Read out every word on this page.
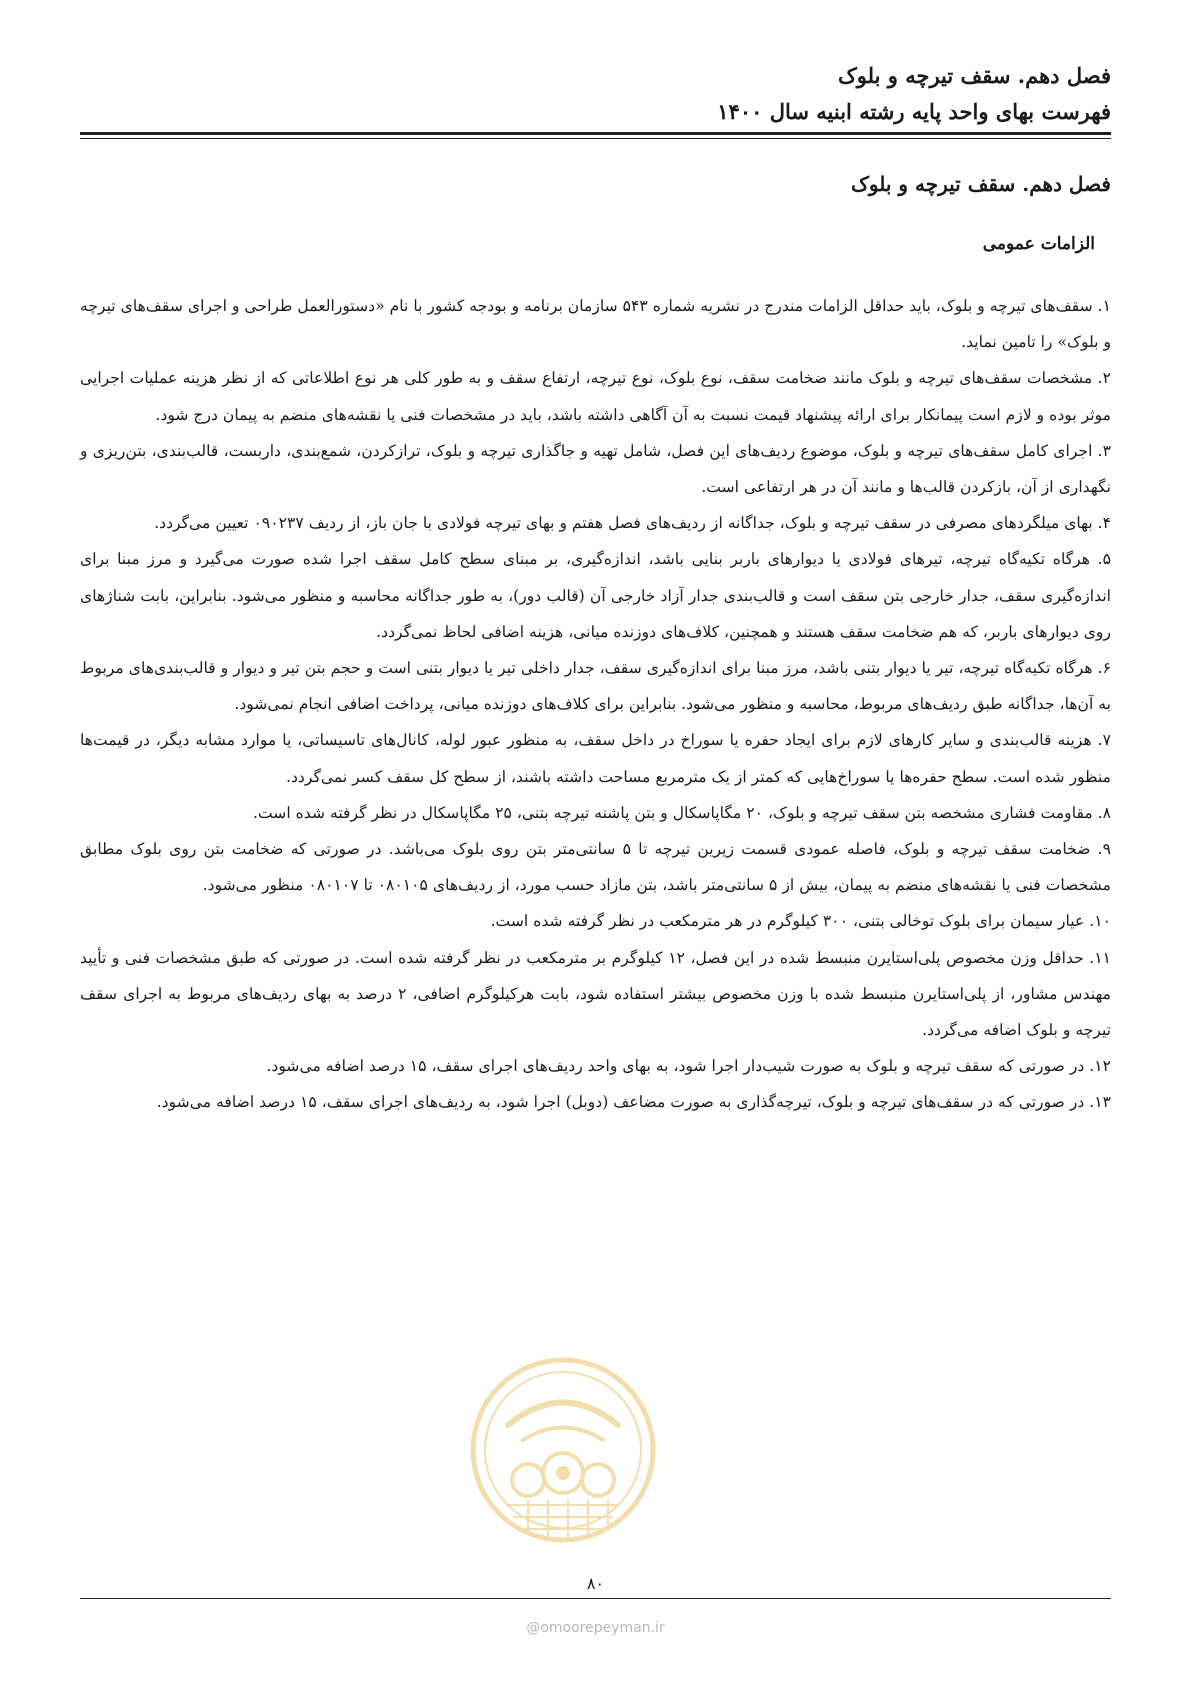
فصل دهم. سقف تیرچه و بلوک
فهرست بهای واحد پایه رشته ابنیه سال ۱۴۰۰
فصل دهم. سقف تیرچه و بلوک
الزامات عمومی

۱. سقف‌های تیرچه و بلوک، باید حداقل الزامات مندرج در نشریه شماره ۵۴۳ سازمان برنامه و بودجه کشور با نام «دستورالعمل طراحی و اجرای سقف‌های تیرچه و بلوک» را تامین نماید.

۲. مشخصات سقف‌های تیرچه و بلوک مانند ضخامت سقف، نوع بلوک، نوع تیرچه، ارتفاع سقف و به طور کلی هر نوع اطلاعاتی که از نظر هزینه عملیات اجرایی موثر بوده و لازم است پیمانکار برای ارائه پیشنهاد قیمت نسبت به آن آگاهی داشته باشد، باید در مشخصات فنی یا نقشه‌های منضم به پیمان درج شود.

۳. اجرای کامل سقف‌های تیرچه و بلوک، موضوع ردیف‌های این فصل، شامل تهیه و جاگذاری تیرچه و بلوک، ترازکردن، شمع‌بندی، داربست، قالب‌بندی، بتن‌ریزی و نگهداری از آن، بازکردن قالب‌ها و مانند آن در هر ارتفاعی است.

۴. بهای میلگردهای مصرفی در سقف تیرچه و بلوک، جداگانه از ردیف‌های فصل هفتم و بهای تیرچه فولادی با جان باز، از ردیف ۰۹۰۲۳۷ تعیین می‌گردد.

۵. هرگاه تکیه‌گاه تیرچه، تیرهای فولادی یا دیوارهای باربر بنایی باشد، اندازه‌گیری، بر مبنای سطح کامل سقف اجرا شده صورت می‌گیرد و مرز مبنا برای اندازه‌گیری سقف، جدار خارجی بتن سقف است و قالب‌بندی جدار آزاد خارجی آن (قالب دور)، به طور جداگانه محاسبه و منظور می‌شود. بنابراین، بابت شناژهای روی دیوارهای باربر، که هم ضخامت سقف هستند و همچنین، کلاف‌های دوزنده میانی، هزینه اضافی لحاظ نمی‌گردد.

۶. هرگاه تکیه‌گاه تیرچه، تیر یا دیوار بتنی باشد، مرز مبنا برای اندازه‌گیری سقف، جدار داخلی تیر یا دیوار بتنی است و حجم بتن تیر و دیوار و قالب‌بندی‌های مربوط به آن‌ها، جداگانه طبق ردیف‌های مربوط، محاسبه و منظور می‌شود. بنابراین برای کلاف‌های دوزنده میانی، پرداخت اضافی انجام نمی‌شود.

۷. هزینه قالب‌بندی و سایر کارهای لازم برای ایجاد حفره یا سوراخ در داخل سقف، به منظور عبور لوله، کانال‌های تاسیساتی، یا موارد مشابه دیگر، در قیمت‌ها منظور شده است. سطح حفره‌ها یا سوراخ‌هایی که کمتر از یک مترمربع مساحت داشته باشند، از سطح کل سقف کسر نمی‌گردد.

۸. مقاومت فشاری مشخصه بتن سقف تیرچه و بلوک، ۲۰ مگاپاسکال و بتن پاشنه تیرچه بتنی، ۲۵ مگاپاسکال در نظر گرفته شده است.

۹. ضخامت سقف تیرچه و بلوک، فاصله عمودی قسمت زیرین تیرچه تا ۵ سانتی‌متر بتن روی بلوک می‌باشد. در صورتی که ضخامت بتن روی بلوک مطابق مشخصات فنی یا نقشه‌های منضم به پیمان، بیش از ۵ سانتی‌متر باشد، بتن مازاد حسب مورد، از ردیف‌های ۰۸۰۱۰۵ تا ۰۸۰۱۰۷ منظور می‌شود.

۱۰. عیار سیمان برای بلوک توخالی بتنی، ۳۰۰ کیلوگرم در هر مترمکعب در نظر گرفته شده است.

۱۱. حداقل وزن مخصوص پلی‌استایرن منبسط شده در این فصل، ۱۲ کیلوگرم بر مترمکعب در نظر گرفته شده است. در صورتی که طبق مشخصات فنی و تأیید مهندس مشاور، از پلی‌استایرن منبسط شده با وزن مخصوص بیشتر استفاده شود، بابت هرکیلوگرم اضافی، ۲ درصد به بهای ردیف‌های مربوط به اجرای سقف تیرچه و بلوک اضافه می‌گردد.

۱۲. در صورتی که سقف تیرچه و بلوک به صورت شیب‌دار اجرا شود، به بهای واحد ردیف‌های اجرای سقف، ۱۵ درصد اضافه می‌شود.

۱۳. در صورتی که در سقف‌های تیرچه و بلوک، تیرچه‌گذاری به صورت مضاعف (دوبل) اجرا شود، به ردیف‌های اجرای سقف، ۱۵ درصد اضافه می‌شود.

۸۰
@omoorepeyman.ir
